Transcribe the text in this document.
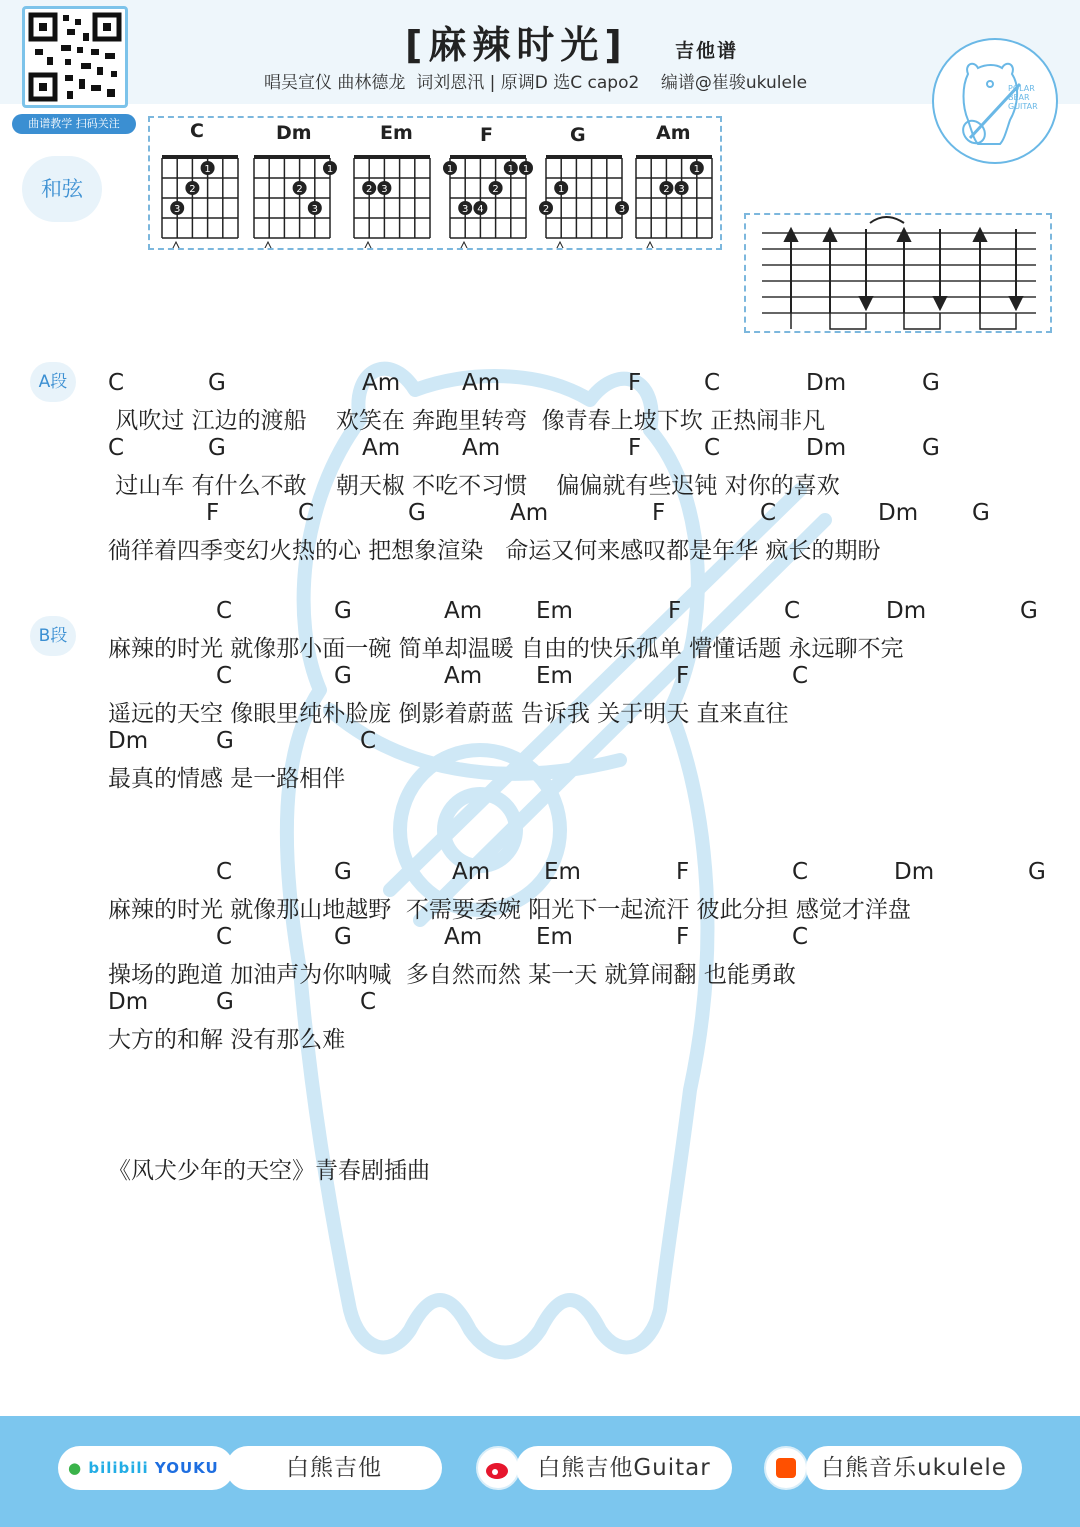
曲谱教学 扫码关注
[麻辣时光] 吉他谱
唱吴宣仪 曲林德龙  词刘恩汛 | 原调D 选C capo2    编谱@崔骏ukulele	POLAR
BEAR
GUITAR
和弦
1
2
3
1
2
3
2 3
1	1 1
2
3 4
1
2	3
1
2 3
C	Dm	Em	F	G	Am
A段
B段
C	G	Am	Am	F	C	Dm	G
风吹过 江边的渡船    欢笑在 奔跑里转弯  像青春上坡下坎 正热闹非凡
C	G	Am	Am	F	C	Dm	G
过山车 有什么不敢    朝天椒 不吃不习惯    偏偏就有些迟钝 对你的喜欢
F	C	G	Am	F	C	Dm G
徜徉着四季变幻火热的心 把想象渲染   命运又何来感叹都是年华 疯长的期盼
C	G	Am Em	F	C	Dm	G
麻辣的时光 就像那小面一碗 简单却温暖 自由的快乐孤单 懵懂话题 永远聊不完
C	G	Am Em	F	C
遥远的天空 像眼里纯朴脸庞 倒影着蔚蓝 告诉我 关于明天 直来直往
Dm	G	C
最真的情感 是一路相伴
C	G	Am Em	F	C	Dm	G
麻辣的时光 就像那山地越野  不需要委婉 阳光下一起流汗 彼此分担 感觉才洋盘
C	G	Am Em	F	C
操场的跑道 加油声为你呐喊  多自然而然 某一天 就算闹翻 也能勇敢
Dm	G	C
大方的和解 没有那么难
《风犬少年的天空》青春剧插曲
● bilibili YOUKU	白熊吉他	白熊吉他Guitar	白熊音乐ukulele
